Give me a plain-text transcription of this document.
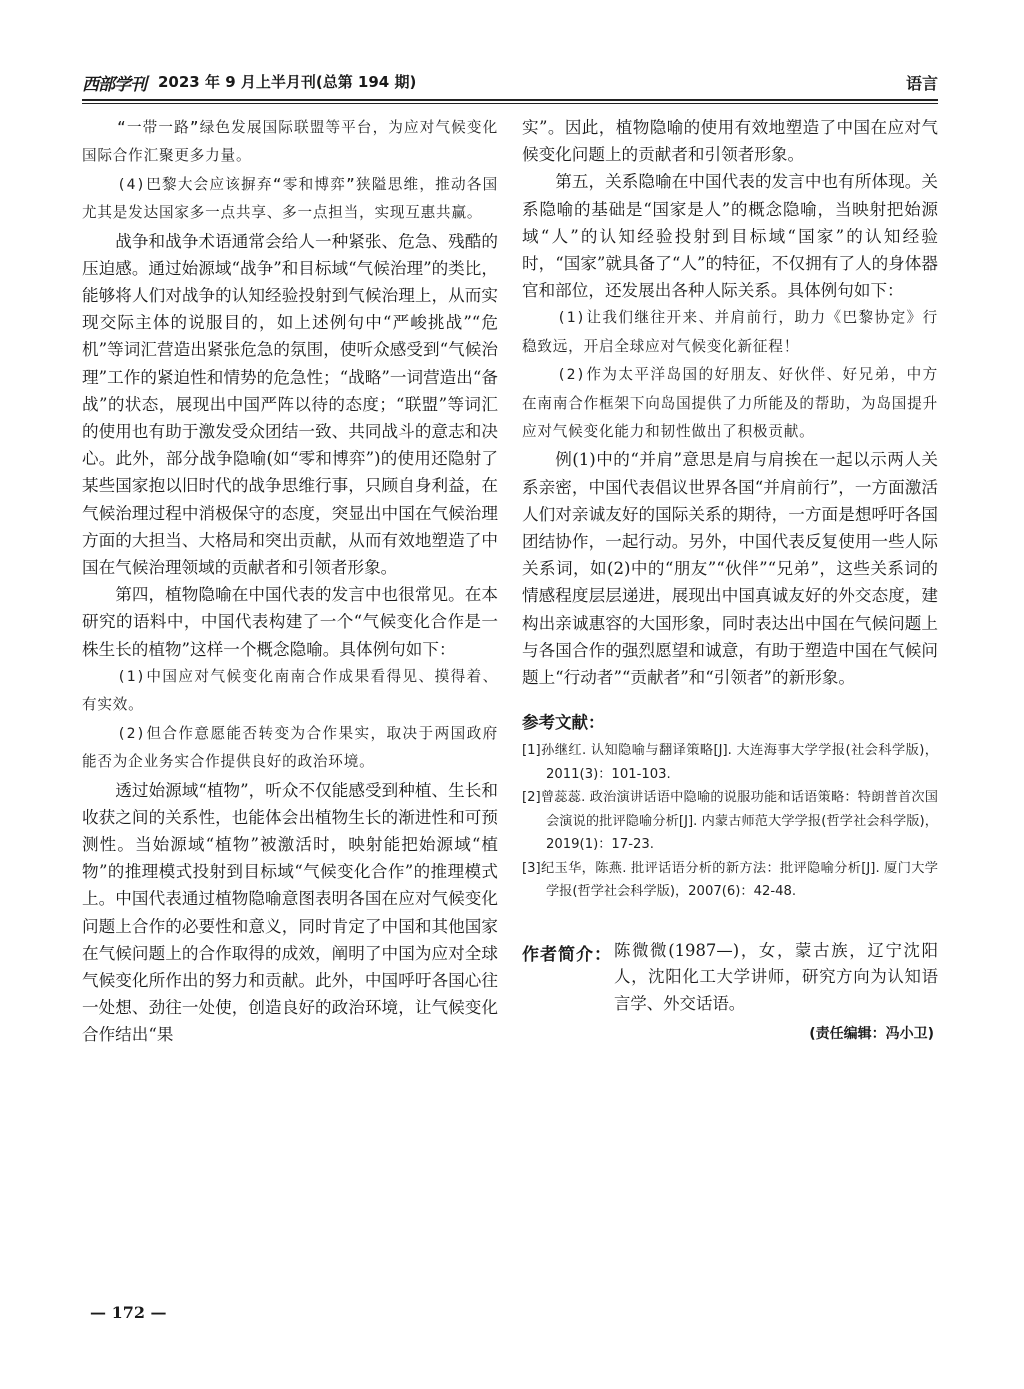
西部学刊 2023 年 9 月上半月刊(总第 194 期)	语言

“一带一路”绿色发展国际联盟等平台，为应对气候变化国际合作汇聚更多力量。

(4)巴黎大会应该摒弃“零和博弈”狭隘思维，推动各国尤其是发达国家多一点共享、多一点担当，实现互惠共赢。

战争和战争术语通常会给人一种紧张、危急、残酷的压迫感。通过始源域“战争”和目标域“气候治理”的类比，能够将人们对战争的认知经验投射到气候治理上，从而实现交际主体的说服目的，如上述例句中“严峻挑战”“危机”等词汇营造出紧张危急的氛围，使听众感受到“气候治理”工作的紧迫性和情势的危急性；“战略”一词营造出“备战”的状态，展现出中国严阵以待的态度；“联盟”等词汇的使用也有助于激发受众团结一致、共同战斗的意志和决心。此外，部分战争隐喻(如“零和博弈”)的使用还隐射了某些国家抱以旧时代的战争思维行事，只顾自身利益，在气候治理过程中消极保守的态度，突显出中国在气候治理方面的大担当、大格局和突出贡献，从而有效地塑造了中国在气候治理领域的贡献者和引领者形象。

第四，植物隐喻在中国代表的发言中也很常见。在本研究的语料中，中国代表构建了一个“气候变化合作是一株生长的植物”这样一个概念隐喻。具体例句如下：

(1)中国应对气候变化南南合作成果看得见、摸得着、有实效。

(2)但合作意愿能否转变为合作果实，取决于两国政府能否为企业务实合作提供良好的政治环境。

透过始源域“植物”，听众不仅能感受到种植、生长和收获之间的关系性，也能体会出植物生长的渐进性和可预测性。当始源域“植物”被激活时，映射能把始源域“植物”的推理模式投射到目标域“气候变化合作”的推理模式上。中国代表通过植物隐喻意图表明各国在应对气候变化问题上合作的必要性和意义，同时肯定了中国和其他国家在气候问题上的合作取得的成效，阐明了中国为应对全球气候变化所作出的努力和贡献。此外，中国呼吁各国心往一处想、劲往一处使，创造良好的政治环境，让气候变化合作结出“果

实”。因此，植物隐喻的使用有效地塑造了中国在应对气候变化问题上的贡献者和引领者形象。

第五，关系隐喻在中国代表的发言中也有所体现。关系隐喻的基础是“国家是人”的概念隐喻，当映射把始源域“人”的认知经验投射到目标域“国家”的认知经验时，“国家”就具备了“人”的特征，不仅拥有了人的身体器官和部位，还发展出各种人际关系。具体例句如下：

(1)让我们继往开来、并肩前行，助力《巴黎协定》行稳致远，开启全球应对气候变化新征程！

(2)作为太平洋岛国的好朋友、好伙伴、好兄弟，中方在南南合作框架下向岛国提供了力所能及的帮助，为岛国提升应对气候变化能力和韧性做出了积极贡献。

例(1)中的“并肩”意思是肩与肩挨在一起以示两人关系亲密，中国代表倡议世界各国“并肩前行”，一方面激活人们对亲诚友好的国际关系的期待，一方面是想呼吁各国团结协作，一起行动。另外，中国代表反复使用一些人际关系词，如(2)中的“朋友”“伙伴”“兄弟”，这些关系词的情感程度层层递进，展现出中国真诚友好的外交态度，建构出亲诚惠容的大国形象，同时表达出中国在气候问题上与各国合作的强烈愿望和诚意，有助于塑造中国在气候问题上“行动者”“贡献者”和“引领者”的新形象。

参考文献：

[1]孙继红. 认知隐喻与翻译策略[J]. 大连海事大学学报(社会科学版)，2011(3)：101-103.

[2]曾蕊蕊. 政治演讲话语中隐喻的说服功能和话语策略：特朗普首次国会演说的批评隐喻分析[J]. 内蒙古师范大学学报(哲学社会科学版)，2019(1)：17-23.

[3]纪玉华，陈燕. 批评话语分析的新方法：批评隐喻分析[J]. 厦门大学学报(哲学社会科学版)，2007(6)：42-48.

作者简介： 陈微微(1987—)，女，蒙古族，辽宁沈阳人，沈阳化工大学讲师，研究方向为认知语言学、外交话语。
(责任编辑：冯小卫)
— 172 —
